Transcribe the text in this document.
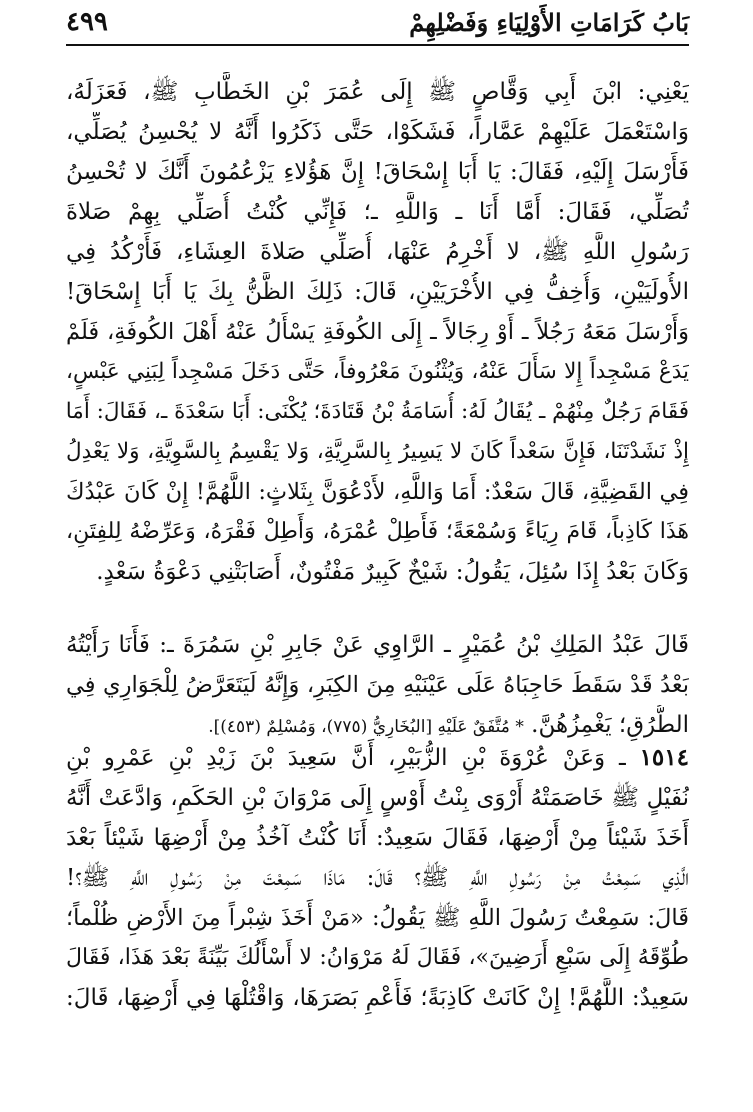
بَابُ كَرَامَاتِ الأَوْلِيَاءِ وَفَضْلِهِمْ
٤٩٩
يَعْنِي: ابْنَ أَبِي وَقَّاصٍ ﷺ إِلَى عُمَرَ بْنِ الخَطَّابِ ﷺ، فَعَزَلَهُ،
وَاسْتَعْمَلَ عَلَيْهِمْ عَمَّاراً، فَشَكَوْا، حَتَّى ذَكَرُوا أَنَّهُ لا يُحْسِنُ يُصَلِّي،
فَأَرْسَلَ إِلَيْهِ، فَقَالَ: يَا أَبَا إِسْحَاقَ! إِنَّ هَؤُلاءِ يَزْعُمُونَ أَنَّكَ لا تُحْسِنُ
تُصَلِّي، فَقَالَ: أَمَّا أَنَا ـ وَاللَّهِ ـ؛ فَإِنِّي كُنْتُ أُصَلِّي بِهِمْ صَلاةَ
رَسُولِ اللَّهِ ﷺ، لا أَخْرِمُ عَنْهَا، أُصَلِّي صَلاةَ العِشَاءِ، فَأَرْكُدُ فِي
الأُولَيَيْنِ، وَأُخِفُّ فِي الأُخْرَيَيْنِ، قَالَ: ذَلِكَ الظَّنُّ بِكَ يَا أَبَا إِسْحَاقَ!
وَأَرْسَلَ مَعَهُ رَجُلاً ـ أَوْ رِجَالاً ـ إِلَى الكُوفَةِ يَسْأَلُ عَنْهُ أَهْلَ الكُوفَةِ، فَلَمْ
يَدَعْ مَسْجِداً إِلا سَأَلَ عَنْهُ، وَيُثْنُونَ مَعْرُوفاً، حَتَّى دَخَلَ مَسْجِداً لِبَنِي عَبْسٍ،
فَقَامَ رَجُلٌ مِنْهُمْ ـ يُقَالُ لَهُ: أُسَامَةُ بْنُ قَتَادَةَ؛ يُكْنَى: أَبَا سَعْدَةَ ـ، فَقَالَ: أَمَا
إِذْ نَشَدْتَنَا، فَإِنَّ سَعْداً كَانَ لا يَسِيرُ بِالسَّرِيَّةِ، وَلا يَقْسِمُ بِالسَّوِيَّةِ، وَلا يَعْدِلُ
فِي القَضِيَّةِ، قَالَ سَعْدٌ: أَمَا وَاللَّهِ، لأَدْعُوَنَّ بِثَلاثٍ: اللَّهُمَّ! إِنْ كَانَ عَبْدُكَ
هَذَا كَاذِباً، قَامَ رِيَاءً وَسُمْعَةً؛ فَأَطِلْ عُمْرَهُ، وَأَطِلْ فَقْرَهُ، وَعَرِّضْهُ لِلفِتَنِ،
وَكَانَ بَعْدُ إِذَا سُئِلَ، يَقُولُ: شَيْخٌ كَبِيرٌ مَفْتُونٌ، أَصَابَتْنِي دَعْوَةُ سَعْدٍ.
قَالَ عَبْدُ المَلِكِ بْنُ عُمَيْرٍ ـ الرَّاوِي عَنْ جَابِرِ بْنِ سَمُرَةَ ـ: فَأَنَا رَأَيْتُهُ
بَعْدُ قَدْ سَقَطَ حَاجِبَاهُ عَلَى عَيْنَيْهِ مِنَ الكِبَرِ، وَإِنَّهُ لَيَتَعَرَّضُ لِلْجَوَارِي فِي
الطُّرُقِ؛ يَغْمِزُهُنَّ. * مُتَّفَقٌ عَلَيْهِ [البُخَارِيُّ (٧٧٥)، وَمُسْلِمٌ (٤٥٣)].
١٥١٤ ـ وَعَنْ عُرْوَةَ بْنِ الزُّبَيْرِ، أَنَّ سَعِيدَ بْنَ زَيْدِ بْنِ عَمْرِو بْنِ
نُفَيْلٍ ﷺ خَاصَمَتْهُ أَرْوَى بِنْتُ أَوْسٍ إِلَى مَرْوَانَ بْنِ الحَكَمِ، وَادَّعَتْ أَنَّهُ
أَخَذَ شَيْئاً مِنْ أَرْضِهَا، فَقَالَ سَعِيدٌ: أَنَا كُنْتُ آخُذُ مِنْ أَرْضِهَا شَيْئاً بَعْدَ
الَّذِي سَمِعْتُ مِنْ رَسُولِ اللَّهِ ﷺ؟ قَالَ: مَاذَا سَمِعْتَ مِنْ رَسُولِ اللَّهِ ﷺ؟!
قَالَ: سَمِعْتُ رَسُولَ اللَّهِ ﷺ يَقُولُ: «مَنْ أَخَذَ شِبْراً مِنَ الأَرْضِ ظُلْماً؛
طُوِّقَهُ إِلَى سَبْعِ أَرَضِينَ»، فَقَالَ لَهُ مَرْوَانُ: لا أَسْأَلُكَ بَيِّنَةً بَعْدَ هَذَا، فَقَالَ
سَعِيدٌ: اللَّهُمَّ! إِنْ كَانَتْ كَاذِبَةً؛ فَأَعْمِ بَصَرَهَا، وَاقْتُلْهَا فِي أَرْضِهَا، قَالَ:
